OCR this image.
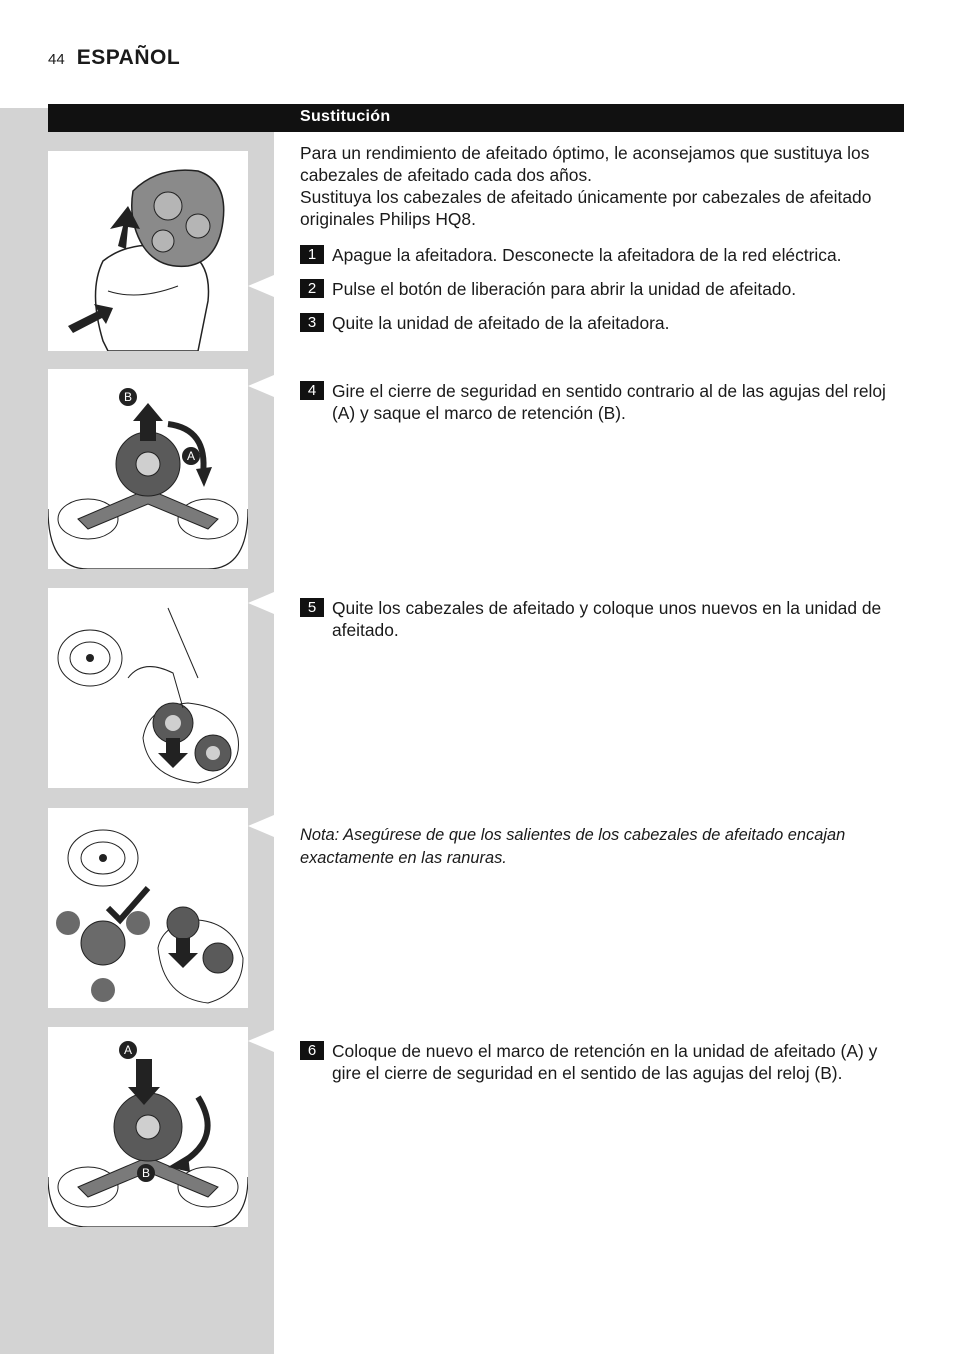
44 ESPAÑOL
Sustitución
B
A
A
B

Para un rendimiento de afeitado óptimo, le aconsejamos que sustituya los cabezales de afeitado cada dos años.

Sustituya los cabezales de afeitado únicamente por cabezales de afeitado originales Philips HQ8.

1 Apague la afeitadora. Desconecte la afeitadora de la red eléctrica.
2 Pulse el botón de liberación para abrir la unidad de afeitado.
3 Quite la unidad de afeitado de la afeitadora.
4 Gire el cierre de seguridad en sentido contrario al de las agujas del reloj (A) y saque el marco de retención (B).
5 Quite los cabezales de afeitado y coloque unos nuevos en la unidad de afeitado.
Nota: Asegúrese de que los salientes de los cabezales de afeitado encajan exactamente en las ranuras.
6 Coloque de nuevo el marco de retención en la unidad de afeitado (A) y gire el cierre de seguridad en el sentido de las agujas del reloj (B).
